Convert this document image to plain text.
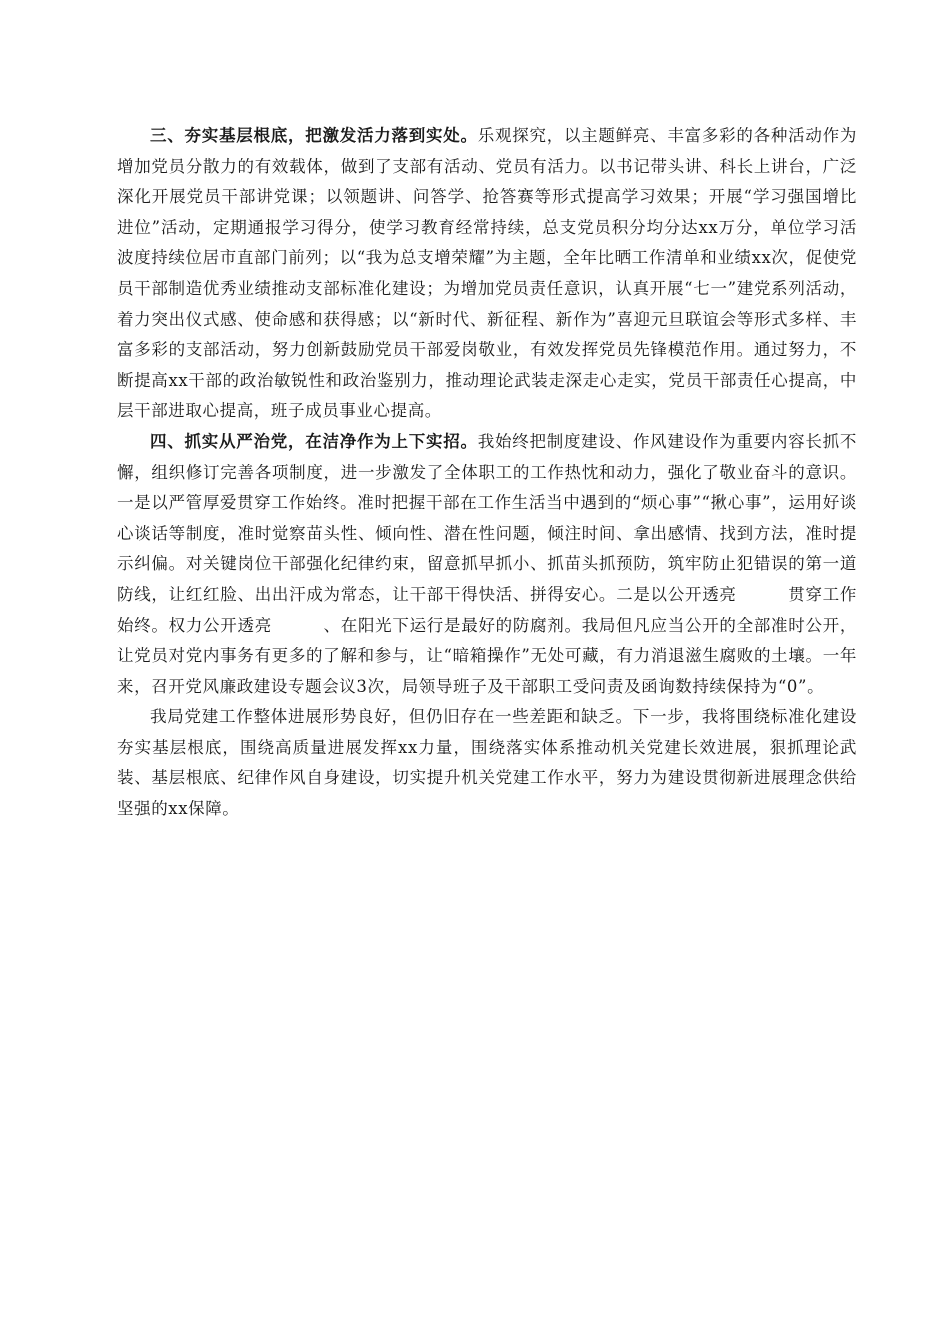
三、夯实基层根底，把激发活力落到实处。乐观探究，以主题鲜亮、丰富多彩的各种活动作为增加党员分散力的有效载体，做到了支部有活动、党员有活力。以书记带头讲、科长上讲台，广泛深化开展党员干部讲党课；以领题讲、问答学、抢答赛等形式提高学习效果；开展“学习强国增比进位”活动，定期通报学习得分，使学习教育经常持续，总支党员积分均分达xx万分，单位学习活波度持续位居市直部门前列；以“我为总支增荣耀”为主题，全年比晒工作清单和业绩xx次，促使党员干部制造优秀业绩推动支部标准化建设；为增加党员责任意识，认真开展“七一”建党系列活动，着力突出仪式感、使命感和获得感；以“新时代、新征程、新作为”喜迎元旦联谊会等形式多样、丰富多彩的支部活动，努力创新鼓励党员干部爱岗敬业，有效发挥党员先锋模范作用。通过努力，不断提高xx干部的政治敏锐性和政治鉴别力，推动理论武装走深走心走实，党员干部责任心提高，中层干部进取心提高，班子成员事业心提高。

四、抓实从严治党，在洁净作为上下实招。我始终把制度建设、作风建设作为重要内容长抓不懈，组织修订完善各项制度，进一步激发了全体职工的工作热忱和动力，强化了敬业奋斗的意识。一是以严管厚爱贯穿工作始终。准时把握干部在工作生活当中遇到的“烦心事”“揪心事”，运用好谈心谈话等制度，准时觉察苗头性、倾向性、潜在性问题，倾注时间、拿出感情、找到方法，准时提示纠偏。对关键岗位干部强化纪律约束，留意抓早抓小、抓苗头抓预防，筑牢防止犯错误的第一道防线，让红红脸、出出汗成为常态，让干部干得快活、拼得安心。二是以公开透亮　　　贯穿工作始终。权力公开透亮　　　、在阳光下运行是最好的防腐剂。我局但凡应当公开的全部准时公开，让党员对党内事务有更多的了解和参与，让“暗箱操作”无处可藏，有力消退滋生腐败的土壤。一年来，召开党风廉政建设专题会议3次，局领导班子及干部职工受问责及函询数持续保持为“0”。

我局党建工作整体进展形势良好，但仍旧存在一些差距和缺乏。下一步，我将围绕标准化建设夯实基层根底，围绕高质量进展发挥xx力量，围绕落实体系推动机关党建长效进展，狠抓理论武装、基层根底、纪律作风自身建设，切实提升机关党建工作水平，努力为建设贯彻新进展理念供给坚强的xx保障。
